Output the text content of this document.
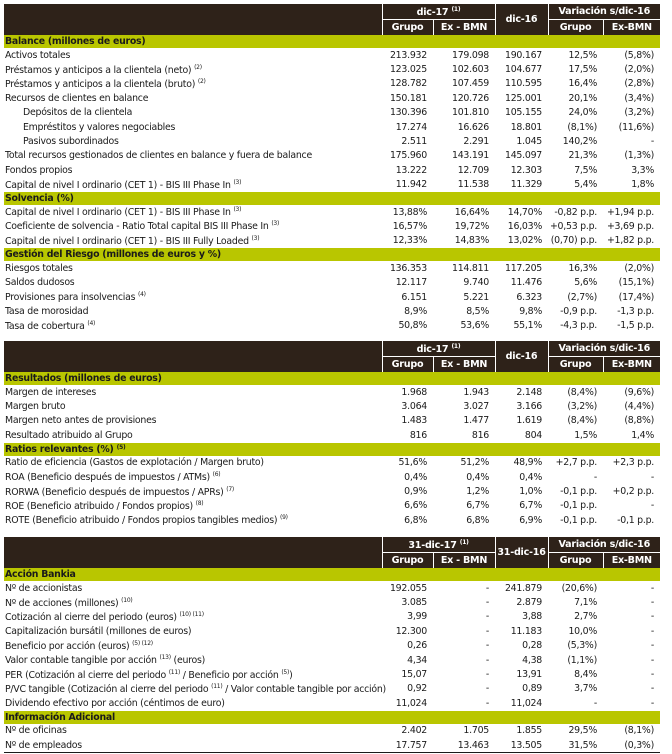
	dic-17 $^{(1)}$		dic-16	Variación s/dic-16	
	Grupo	Ex - BMN		Grupo	Ex-BMN
Balance (millones de euros)					
Activos totales	213.932	179.098	190.167	12,5%	(5,8%)
Préstamos y anticipos a la clientela (neto) $^{(2)}$	123.025	102.603	104.677	17,5%	(2,0%)
Préstamos y anticipos a la clientela (bruto) $^{(2)}$	128.782	107.459	110.595	16,4%	(2,8%)
Recursos de clientes en balance	150.181	120.726	125.001	20,1%	(3,4%)
Depósitos de la clientela	130.396	101.810	105.155	24,0%	(3,2%)
Empréstitos y valores negociables	17.274	16.626	18.801	(8,1%)	(11,6%)
Pasivos subordinados	2.511	2.291	1.045	140,2%	-
Total recursos gestionados de clientes en balance y fuera de balance	175.960	143.191	145.097	21,3%	(1,3%)
Fondos propios	13.222	12.709	12.303	7,5%	3,3%
Capital de nivel I ordinario (CET 1) - BIS III Phase In $^{(3)}$	11.942	11.538	11.329	5,4%	1,8%
Solvencia (%)					
Capital de nivel I ordinario (CET 1) - BIS III Phase In $^{(3)}$	13,88%	16,64%	14,70%	-0,82 p.p.	+1,94 p.p.
Coeficiente de solvencia - Ratio Total capital BIS III Phase In $^{(3)}$	16,57%	19,72%	16,03%	+0,53 p.p.	+3,69 p.p.
Capital de nivel I ordinario (CET 1) - BIS III Fully Loaded $^{(3)}$	12,33%	14,83%	13,02%	(0,70) p.p.	+1,82 p.p.
Gestión del Riesgo (millones de euros y %)					
Riesgos totales	136.353	114.811	117.205	16,3%	(2,0%)
Saldos dudosos	12.117	9.740	11.476	5,6%	(15,1%)
Provisiones para insolvencias $^{(4)}$	6.151	5.221	6.323	(2,7%)	(17,4%)
Tasa de morosidad	8,9%	8,5%	9,8%	-0,9 p.p.	-1,3 p.p.
Tasa de cobertura $^{(4)}$	50,8%	53,6%	55,1%	-4,3 p.p.	-1,5 p.p.
	dic-17 $^{(1)}$		dic-16	Variación s/dic-16	
	Grupo	Ex - BMN		Grupo	Ex-BMN
Resultados (millones de euros)					
Margen de intereses	1.968	1.943	2.148	(8,4%)	(9,6%)
Margen bruto	3.064	3.027	3.166	(3,2%)	(4,4%)
Margen neto antes de provisiones	1.483	1.477	1.619	(8,4%)	(8,8%)
Resultado atribuido al Grupo	816	816	804	1,5%	1,4%
Ratios relevantes (%) $^{(5)}$
Ratio de eficiencia (Gastos de explotación / Margen bruto)	51,6%	51,2%	48,9%	+2,7 p.p.	+2,3 p.p.
ROA (Beneficio después de impuestos / ATMs) $^{(6)}$	0,4%	0,4%	0,4%	-	-
RORWA (Beneficio después de impuestos / APRs) $^{(7)}$	0,9%	1,2%	1,0%	-0,1 p.p.	+0,2 p.p.
ROE (Beneficio atribuido / Fondos propios) $^{(8)}$	6,6%	6,7%	6,7%	-0,1 p.p.	-
ROTE (Beneficio atribuido / Fondos propios tangibles medios) $^{(9)}$	6,8%	6,8%	6,9%	-0,1 p.p.	-0,1 p.p.
	31-dic-17 $^{(1)}$		31-dic-16	Variación s/dic-16	
	Grupo	Ex - BMN		Grupo	Ex-BMN
Acción Bankia					
Nº de accionistas	192.055	-	241.879	(20,6%)	-
Nº de acciones (millones) $^{(10)}$	3.085	-	2.879	7,1%	-
Cotización al cierre del periodo (euros) $^{(10) (11)}$	3,99	-	3,88	2,7%	-
Capitalización bursátil (millones de euros)	12.300	-	11.183	10,0%	-
Beneficio por acción (euros) $^{(5) (12)}$	0,26	-	0,28	(5,3%)	-
Valor contable tangible por acción $^{(13)}$ (euros)	4,34	-	4,38	(1,1%)	-
PER (Cotización al cierre del periodo $^{(11)}$ / Beneficio por acción $^{(5)}$)	15,07	-	13,91	8,4%	-
P/VC tangible (Cotización al cierre del periodo $^{(11)}$ / Valor contable tangible por acción)	0,92	-	0,89	3,7%	-
Dividendo efectivo por acción (céntimos de euro)	11,024	-	11,024	-	-
Información Adicional					
Nº de oficinas	2.402	1.705	1.855	29,5%	(8,1%)
Nº de empleados	17.757	13.463	13.505	31,5%	(0,3%)
